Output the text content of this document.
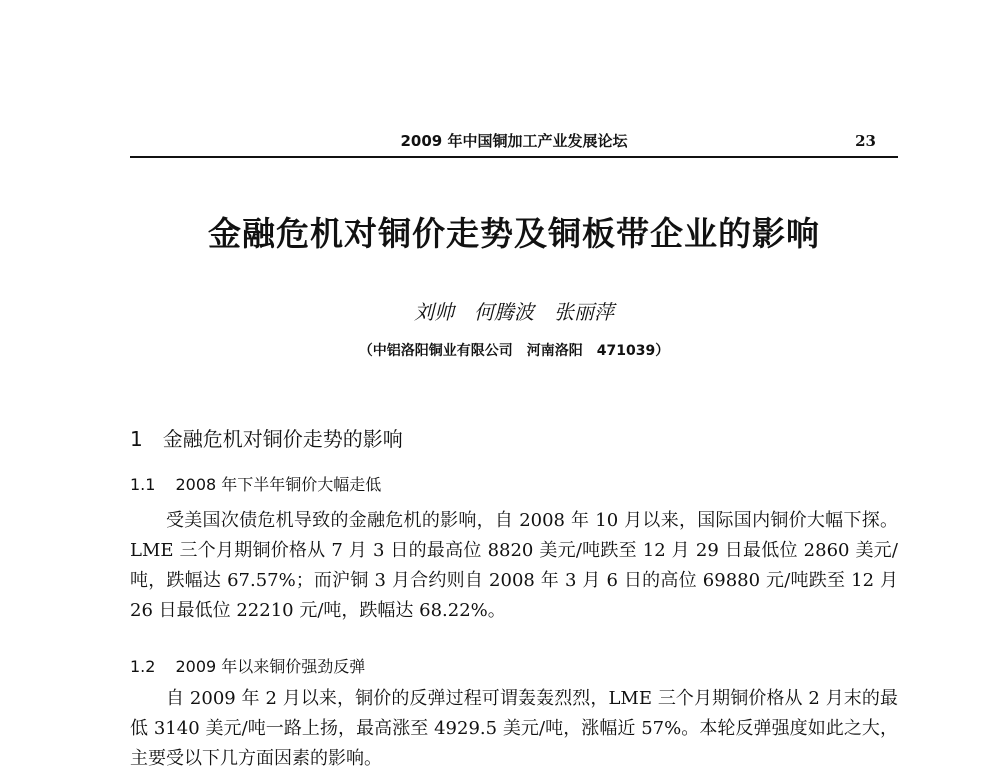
2009 年中国铜加工产业发展论坛	23
金融危机对铜价走势及铜板带企业的影响
刘帅　何腾波　张丽萍
（中铝洛阳铜业有限公司　河南洛阳　471039）
1 金融危机对铜价走势的影响
1.1 2008 年下半年铜价大幅走低

受美国次债危机导致的金融危机的影响，自 2008 年 10 月以来，国际国内铜价大幅下探。LME 三个月期铜价格从 7 月 3 日的最高位 8820 美元/吨跌至 12 月 29 日最低位 2860 美元/吨，跌幅达 67.57%；而沪铜 3 月合约则自 2008 年 3 月 6 日的高位 69880 元/吨跌至 12 月 26 日最低位 22210 元/吨，跌幅达 68.22%。

1.2 2009 年以来铜价强劲反弹

自 2009 年 2 月以来，铜价的反弹过程可谓轰轰烈烈，LME 三个月期铜价格从 2 月末的最低 3140 美元/吨一路上扬，最高涨至 4929.5 美元/吨，涨幅近 57%。本轮反弹强度如此之大，主要受以下几方面因素的影响。
